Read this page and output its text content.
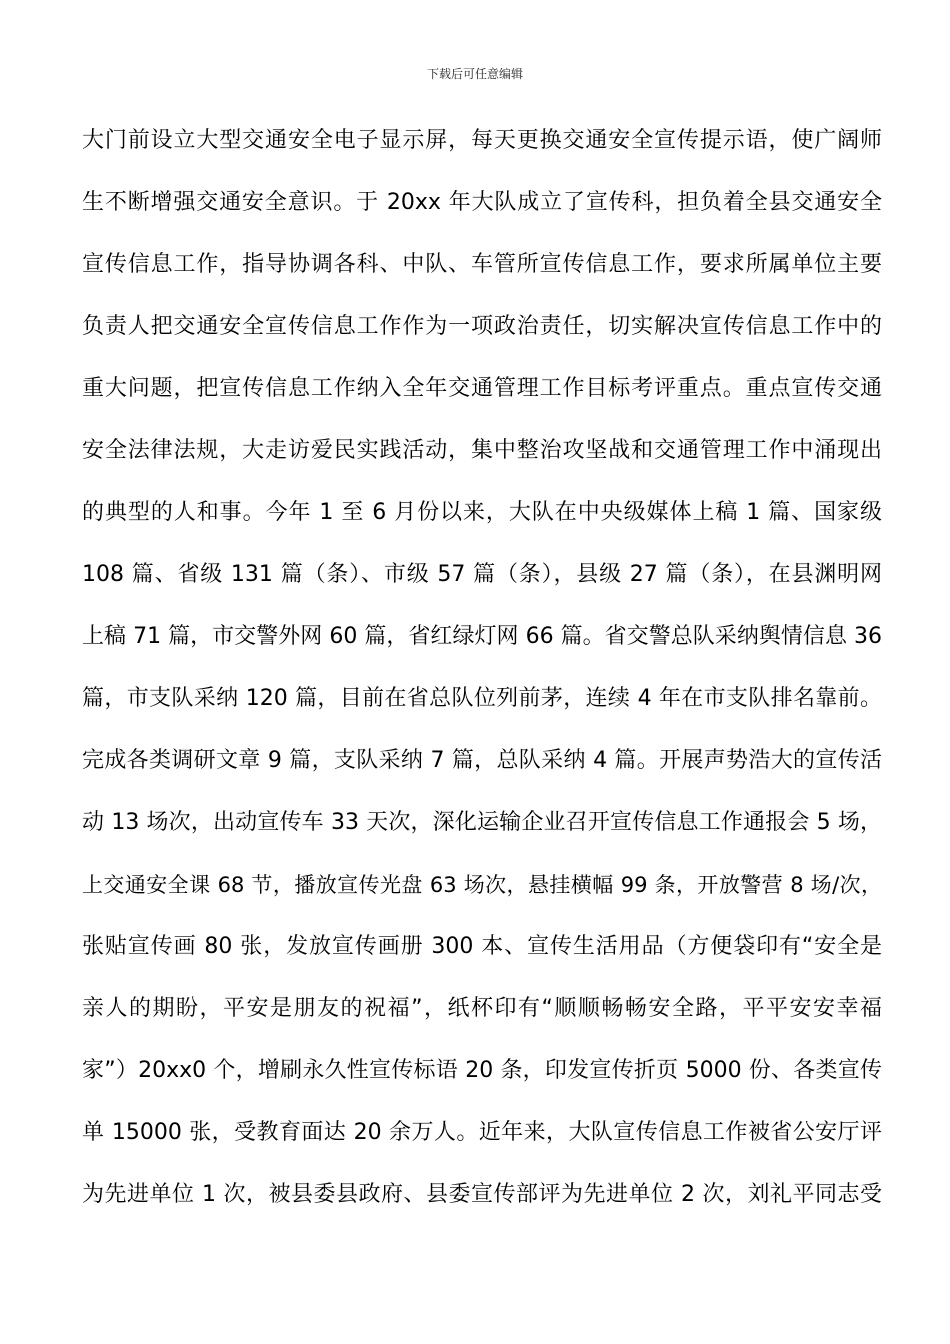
下载后可任意编辑
大门前设立大型交通安全电子显示屏，每天更换交通安全宣传提示语，使广阔师
生不断增强交通安全意识。于 20xx 年大队成立了宣传科，担负着全县交通安全
宣传信息工作，指导协调各科、中队、车管所宣传信息工作，要求所属单位主要
负责人把交通安全宣传信息工作作为一项政治责任，切实解决宣传信息工作中的
重大问题，把宣传信息工作纳入全年交通管理工作目标考评重点。重点宣传交通
安全法律法规，大走访爱民实践活动，集中整治攻坚战和交通管理工作中涌现出
的典型的人和事。今年 1 至 6 月份以来，大队在中央级媒体上稿 1 篇、国家级
108 篇、省级 131 篇（条）、市级 57 篇（条），县级 27 篇（条），在县渊明网
上稿 71 篇，市交警外网 60 篇，省红绿灯网 66 篇。省交警总队采纳舆情信息 36
篇，市支队采纳 120 篇，目前在省总队位列前茅，连续 4 年在市支队排名靠前。
完成各类调研文章 9 篇，支队采纳 7 篇，总队采纳 4 篇。开展声势浩大的宣传活
动 13 场次，出动宣传车 33 天次，深化运输企业召开宣传信息工作通报会 5 场，
上交通安全课 68 节，播放宣传光盘 63 场次，悬挂横幅 99 条，开放警营 8 场/次，
张贴宣传画 80 张，发放宣传画册 300 本、宣传生活用品（方便袋印有“安全是
亲人的期盼，平安是朋友的祝福”，纸杯印有“顺顺畅畅安全路，平平安安幸福
家”）20xx0 个，增刷永久性宣传标语 20 条，印发宣传折页 5000 份、各类宣传
单 15000 张，受教育面达 20 余万人。近年来，大队宣传信息工作被省公安厅评
为先进单位 1 次，被县委县政府、县委宣传部评为先进单位 2 次，刘礼平同志受
